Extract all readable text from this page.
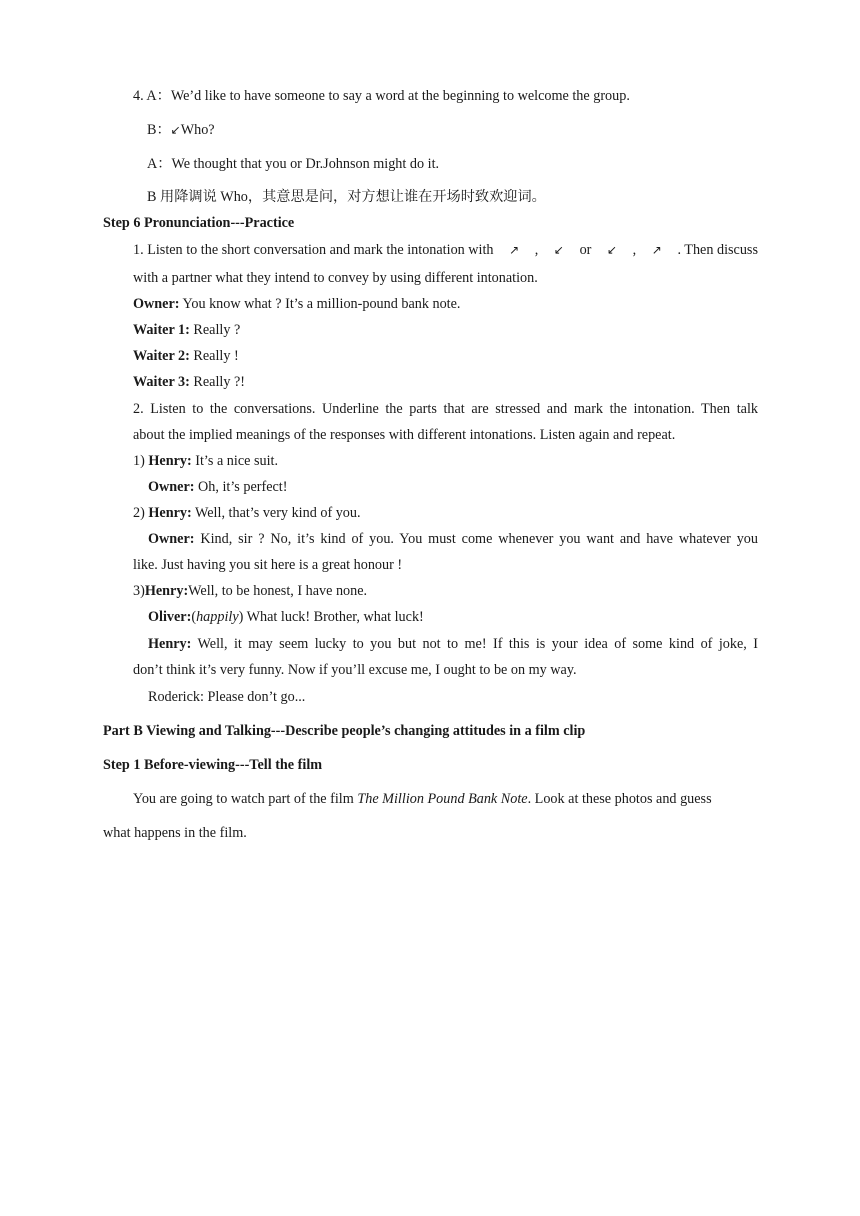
4. A：We’d like to have someone to say a word at the beginning to welcome the group.
B：↙Who?
A：We thought that you or Dr.Johnson might do it.
B 用降调说 Who，其意思是问，对方想让谁在开场时致欢迎词。
Step 6 Pronunciation---Practice
1. Listen to the short conversation and mark the intonation with ↗ , ↙ or ↙ , ↗ . Then discuss
with a partner what they intend to convey by using different intonation.
Owner: You know what ? It’s a million-pound bank note.
Waiter 1: Really ?
Waiter 2: Really !
Waiter 3: Really ?!
2. Listen to the conversations. Underline the parts that are stressed and mark the intonation. Then talk
about the implied meanings of the responses with different intonations. Listen again and repeat.
1) Henry: It’s a nice suit.
Owner: Oh, it’s perfect!
2) Henry: Well, that’s very kind of you.
Owner: Kind, sir ? No, it’s kind of you. You must come whenever you want and have whatever you
like. Just having you sit here is a great honour !
3)Henry:Well, to be honest, I have none.
Oliver:(happily) What luck! Brother, what luck!
Henry: Well, it may seem lucky to you but not to me! If this is your idea of some kind of joke, I
don’t think it’s very funny. Now if you’ll excuse me, I ought to be on my way.
Roderick: Please don’t go...
Part B Viewing and Talking---Describe people’s changing attitudes in a film clip
Step 1 Before-viewing---Tell the film
You are going to watch part of the film The Million Pound Bank Note. Look at these photos and guess
what happens in the film.
